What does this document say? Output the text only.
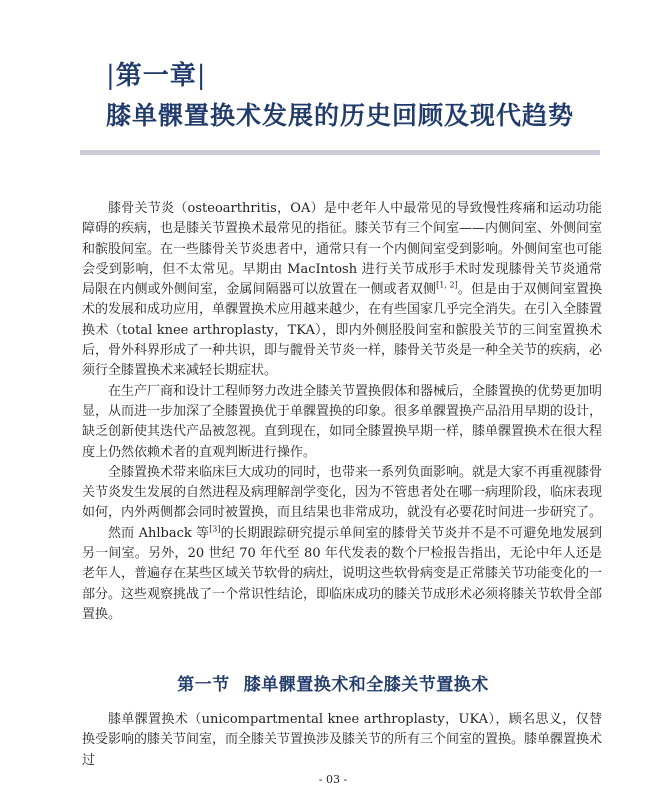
|第一章|
膝单髁置换术发展的历史回顾及现代趋势

膝骨关节炎（osteoarthritis，OA）是中老年人中最常见的导致慢性疼痛和运动功能障碍的疾病，也是膝关节置换术最常见的指征。膝关节有三个间室——内侧间室、外侧间室和髌股间室。在一些膝骨关节炎患者中，通常只有一个内侧间室受到影响。外侧间室也可能会受到影响，但不太常见。早期由 MacIntosh 进行关节成形手术时发现膝骨关节炎通常局限在内侧或外侧间室，金属间隔器可以放置在一侧或者双侧[1, 2]。但是由于双侧间室置换术的发展和成功应用，单髁置换术应用越来越少，在有些国家几乎完全消失。在引入全膝置换术（total knee arthroplasty，TKA），即内外侧胫股间室和髌股关节的三间室置换术后，骨外科界形成了一种共识，即与髋骨关节炎一样，膝骨关节炎是一种全关节的疾病，必须行全膝置换术来减轻长期症状。

在生产厂商和设计工程师努力改进全膝关节置换假体和器械后，全膝置换的优势更加明显，从而进一步加深了全膝置换优于单髁置换的印象。很多单髁置换产品沿用早期的设计，缺乏创新使其迭代产品被忽视。直到现在，如同全膝置换早期一样，膝单髁置换术在很大程度上仍然依赖术者的直观判断进行操作。

全膝置换术带来临床巨大成功的同时，也带来一系列负面影响。就是大家不再重视膝骨关节炎发生发展的自然进程及病理解剖学变化，因为不管患者处在哪一病理阶段，临床表现如何，内外两侧都会同时被置换，而且结果也非常成功，就没有必要花时间进一步研究了。

然而 Ahlback 等[3]的长期跟踪研究提示单间室的膝骨关节炎并不是不可避免地发展到另一间室。另外，20 世纪 70 年代至 80 年代发表的数个尸检报告指出，无论中年人还是老年人，普遍存在某些区域关节软骨的病灶，说明这些软骨病变是正常膝关节功能变化的一部分。这些观察挑战了一个常识性结论，即临床成功的膝关节成形术必须将膝关节软骨全部置换。

第一节 膝单髁置换术和全膝关节置换术

膝单髁置换术（unicompartmental knee arthroplasty，UKA），顾名思义，仅替换受影响的膝关节间室，而全膝关节置换涉及膝关节的所有三个间室的置换。膝单髁置换术过

- 03 -
